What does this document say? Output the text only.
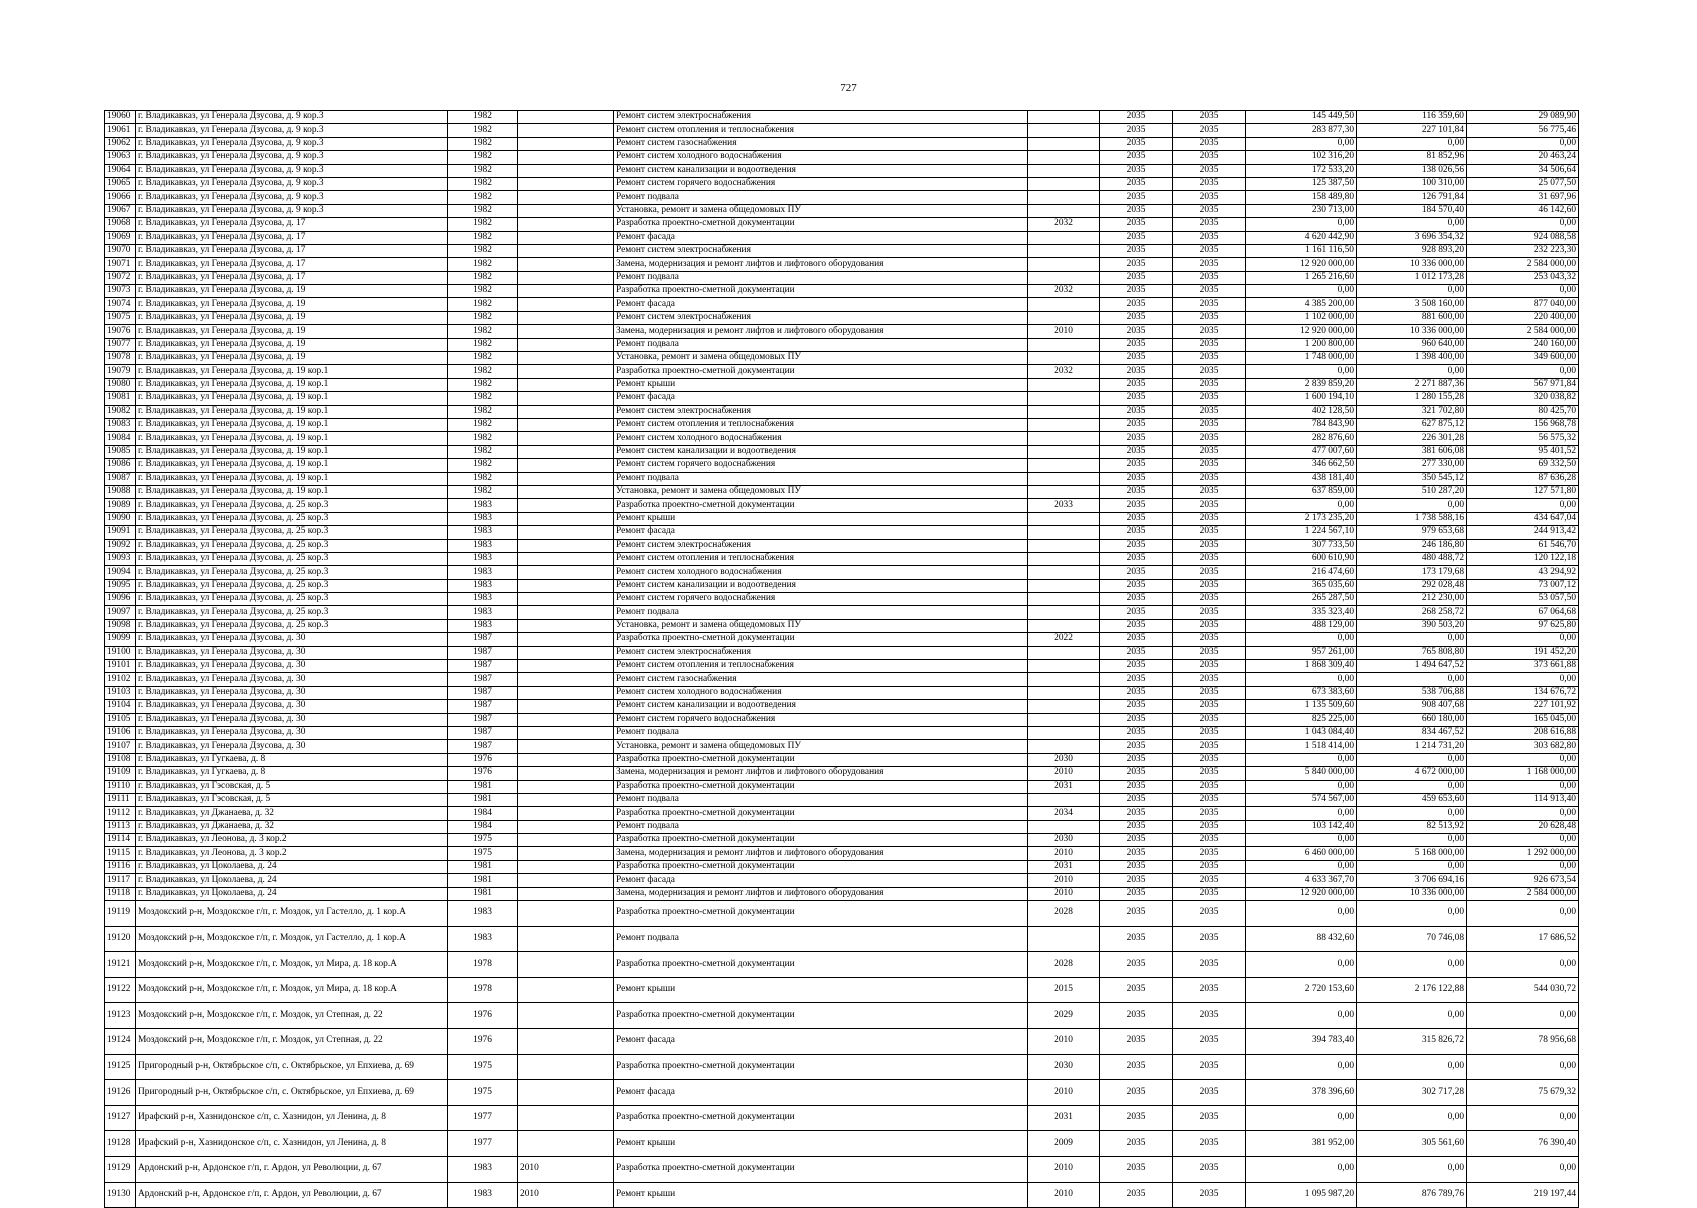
727
19060	г. Владикавказ, ул Генерала Дзусова, д. 9 кор.3	1982		Ремонт систем электроснабжения		2035	2035	145 449,50	116 359,60	29 089,90
19061	г. Владикавказ, ул Генерала Дзусова, д. 9 кор.3	1982		Ремонт систем отопления и теплоснабжения		2035	2035	283 877,30	227 101,84	56 775,46
19062	г. Владикавказ, ул Генерала Дзусова, д. 9 кор.3	1982		Ремонт систем газоснабжения		2035	2035	0,00	0,00	0,00
19063	г. Владикавказ, ул Генерала Дзусова, д. 9 кор.3	1982		Ремонт систем холодного водоснабжения		2035	2035	102 316,20	81 852,96	20 463,24
19064	г. Владикавказ, ул Генерала Дзусова, д. 9 кор.3	1982		Ремонт систем канализации и водоотведения		2035	2035	172 533,20	138 026,56	34 506,64
19065	г. Владикавказ, ул Генерала Дзусова, д. 9 кор.3	1982		Ремонт систем горячего водоснабжения		2035	2035	125 387,50	100 310,00	25 077,50
19066	г. Владикавказ, ул Генерала Дзусова, д. 9 кор.3	1982		Ремонт подвала		2035	2035	158 489,80	126 791,84	31 697,96
19067	г. Владикавказ, ул Генерала Дзусова, д. 9 кор.3	1982		Установка, ремонт и замена общедомовых ПУ		2035	2035	230 713,00	184 570,40	46 142,60
19068	г. Владикавказ, ул Генерала Дзусова, д. 17	1982		Разработка проектно-сметной документации	2032	2035	2035	0,00	0,00	0,00
19069	г. Владикавказ, ул Генерала Дзусова, д. 17	1982		Ремонт фасада		2035	2035	4 620 442,90	3 696 354,32	924 088,58
19070	г. Владикавказ, ул Генерала Дзусова, д. 17	1982		Ремонт систем электроснабжения		2035	2035	1 161 116,50	928 893,20	232 223,30
19071	г. Владикавказ, ул Генерала Дзусова, д. 17	1982		Замена, модернизация и ремонт лифтов и лифтового оборудования		2035	2035	12 920 000,00	10 336 000,00	2 584 000,00
19072	г. Владикавказ, ул Генерала Дзусова, д. 17	1982		Ремонт подвала		2035	2035	1 265 216,60	1 012 173,28	253 043,32
19073	г. Владикавказ, ул Генерала Дзусова, д. 19	1982		Разработка проектно-сметной документации	2032	2035	2035	0,00	0,00	0,00
19074	г. Владикавказ, ул Генерала Дзусова, д. 19	1982		Ремонт фасада		2035	2035	4 385 200,00	3 508 160,00	877 040,00
19075	г. Владикавказ, ул Генерала Дзусова, д. 19	1982		Ремонт систем электроснабжения		2035	2035	1 102 000,00	881 600,00	220 400,00
19076	г. Владикавказ, ул Генерала Дзусова, д. 19	1982		Замена, модернизация и ремонт лифтов и лифтового оборудования	2010	2035	2035	12 920 000,00	10 336 000,00	2 584 000,00
19077	г. Владикавказ, ул Генерала Дзусова, д. 19	1982		Ремонт подвала		2035	2035	1 200 800,00	960 640,00	240 160,00
19078	г. Владикавказ, ул Генерала Дзусова, д. 19	1982		Установка, ремонт и замена общедомовых ПУ		2035	2035	1 748 000,00	1 398 400,00	349 600,00
19079	г. Владикавказ, ул Генерала Дзусова, д. 19 кор.1	1982		Разработка проектно-сметной документации	2032	2035	2035	0,00	0,00	0,00
19080	г. Владикавказ, ул Генерала Дзусова, д. 19 кор.1	1982		Ремонт крыши		2035	2035	2 839 859,20	2 271 887,36	567 971,84
19081	г. Владикавказ, ул Генерала Дзусова, д. 19 кор.1	1982		Ремонт фасада		2035	2035	1 600 194,10	1 280 155,28	320 038,82
19082	г. Владикавказ, ул Генерала Дзусова, д. 19 кор.1	1982		Ремонт систем электроснабжения		2035	2035	402 128,50	321 702,80	80 425,70
19083	г. Владикавказ, ул Генерала Дзусова, д. 19 кор.1	1982		Ремонт систем отопления и теплоснабжения		2035	2035	784 843,90	627 875,12	156 968,78
19084	г. Владикавказ, ул Генерала Дзусова, д. 19 кор.1	1982		Ремонт систем холодного водоснабжения		2035	2035	282 876,60	226 301,28	56 575,32
19085	г. Владикавказ, ул Генерала Дзусова, д. 19 кор.1	1982		Ремонт систем канализации и водоотведения		2035	2035	477 007,60	381 606,08	95 401,52
19086	г. Владикавказ, ул Генерала Дзусова, д. 19 кор.1	1982		Ремонт систем горячего водоснабжения		2035	2035	346 662,50	277 330,00	69 332,50
19087	г. Владикавказ, ул Генерала Дзусова, д. 19 кор.1	1982		Ремонт подвала		2035	2035	438 181,40	350 545,12	87 636,28
19088	г. Владикавказ, ул Генерала Дзусова, д. 19 кор.1	1982		Установка, ремонт и замена общедомовых ПУ		2035	2035	637 859,00	510 287,20	127 571,80
19089	г. Владикавказ, ул Генерала Дзусова, д. 25 кор.3	1983		Разработка проектно-сметной документации	2033	2035	2035	0,00	0,00	0,00
19090	г. Владикавказ, ул Генерала Дзусова, д. 25 кор.3	1983		Ремонт крыши		2035	2035	2 173 235,20	1 738 588,16	434 647,04
19091	г. Владикавказ, ул Генерала Дзусова, д. 25 кор.3	1983		Ремонт фасада		2035	2035	1 224 567,10	979 653,68	244 913,42
19092	г. Владикавказ, ул Генерала Дзусова, д. 25 кор.3	1983		Ремонт систем электроснабжения		2035	2035	307 733,50	246 186,80	61 546,70
19093	г. Владикавказ, ул Генерала Дзусова, д. 25 кор.3	1983		Ремонт систем отопления и теплоснабжения		2035	2035	600 610,90	480 488,72	120 122,18
19094	г. Владикавказ, ул Генерала Дзусова, д. 25 кор.3	1983		Ремонт систем холодного водоснабжения		2035	2035	216 474,60	173 179,68	43 294,92
19095	г. Владикавказ, ул Генерала Дзусова, д. 25 кор.3	1983		Ремонт систем канализации и водоотведения		2035	2035	365 035,60	292 028,48	73 007,12
19096	г. Владикавказ, ул Генерала Дзусова, д. 25 кор.3	1983		Ремонт систем горячего водоснабжения		2035	2035	265 287,50	212 230,00	53 057,50
19097	г. Владикавказ, ул Генерала Дзусова, д. 25 кор.3	1983		Ремонт подвала		2035	2035	335 323,40	268 258,72	67 064,68
19098	г. Владикавказ, ул Генерала Дзусова, д. 25 кор.3	1983		Установка, ремонт и замена общедомовых ПУ		2035	2035	488 129,00	390 503,20	97 625,80
19099	г. Владикавказ, ул Генерала Дзусова, д. 30	1987		Разработка проектно-сметной документации	2022	2035	2035	0,00	0,00	0,00
19100	г. Владикавказ, ул Генерала Дзусова, д. 30	1987		Ремонт систем электроснабжения		2035	2035	957 261,00	765 808,80	191 452,20
19101	г. Владикавказ, ул Генерала Дзусова, д. 30	1987		Ремонт систем отопления и теплоснабжения		2035	2035	1 868 309,40	1 494 647,52	373 661,88
19102	г. Владикавказ, ул Генерала Дзусова, д. 30	1987		Ремонт систем газоснабжения		2035	2035	0,00	0,00	0,00
19103	г. Владикавказ, ул Генерала Дзусова, д. 30	1987		Ремонт систем холодного водоснабжения		2035	2035	673 383,60	538 706,88	134 676,72
19104	г. Владикавказ, ул Генерала Дзусова, д. 30	1987		Ремонт систем канализации и водоотведения		2035	2035	1 135 509,60	908 407,68	227 101,92
19105	г. Владикавказ, ул Генерала Дзусова, д. 30	1987		Ремонт систем горячего водоснабжения		2035	2035	825 225,00	660 180,00	165 045,00
19106	г. Владикавказ, ул Генерала Дзусова, д. 30	1987		Ремонт подвала		2035	2035	1 043 084,40	834 467,52	208 616,88
19107	г. Владикавказ, ул Генерала Дзусова, д. 30	1987		Установка, ремонт и замена общедомовых ПУ		2035	2035	1 518 414,00	1 214 731,20	303 682,80
19108	г. Владикавказ, ул Гугкаева, д. 8	1976		Разработка проектно-сметной документации	2030	2035	2035	0,00	0,00	0,00
19109	г. Владикавказ, ул Гугкаева, д. 8	1976		Замена, модернизация и ремонт лифтов и лифтового оборудования	2010	2035	2035	5 840 000,00	4 672 000,00	1 168 000,00
19110	г. Владикавказ, ул Гэсовская, д. 5	1981		Разработка проектно-сметной документации	2031	2035	2035	0,00	0,00	0,00
19111	г. Владикавказ, ул Гэсовская, д. 5	1981		Ремонт подвала		2035	2035	574 567,00	459 653,60	114 913,40
19112	г. Владикавказ, ул Джанаева, д. 32	1984		Разработка проектно-сметной документации	2034	2035	2035	0,00	0,00	0,00
19113	г. Владикавказ, ул Джанаева, д. 32	1984		Ремонт подвала		2035	2035	103 142,40	82 513,92	20 628,48
19114	г. Владикавказ, ул Леонова, д. 3 кор.2	1975		Разработка проектно-сметной документации	2030	2035	2035	0,00	0,00	0,00
19115	г. Владикавказ, ул Леонова, д. 3 кор.2	1975		Замена, модернизация и ремонт лифтов и лифтового оборудования	2010	2035	2035	6 460 000,00	5 168 000,00	1 292 000,00
19116	г. Владикавказ, ул Цоколаева, д. 24	1981		Разработка проектно-сметной документации	2031	2035	2035	0,00	0,00	0,00
19117	г. Владикавказ, ул Цоколаева, д. 24	1981		Ремонт фасада	2010	2035	2035	4 633 367,70	3 706 694,16	926 673,54
19118	г. Владикавказ, ул Цоколаева, д. 24	1981		Замена, модернизация и ремонт лифтов и лифтового оборудования	2010	2035	2035	12 920 000,00	10 336 000,00	2 584 000,00
19119	Моздокский р-н, Моздокское г/п, г. Моздок, ул Гастелло, д. 1 кор.А	1983		Разработка проектно-сметной документации	2028	2035	2035	0,00	0,00	0,00
19120	Моздокский р-н, Моздокское г/п, г. Моздок, ул Гастелло, д. 1 кор.А	1983		Ремонт подвала		2035	2035	88 432,60	70 746,08	17 686,52
19121	Моздокский р-н, Моздокское г/п, г. Моздок, ул Мира, д. 18 кор.А	1978		Разработка проектно-сметной документации	2028	2035	2035	0,00	0,00	0,00
19122	Моздокский р-н, Моздокское г/п, г. Моздок, ул Мира, д. 18 кор.А	1978		Ремонт крыши	2015	2035	2035	2 720 153,60	2 176 122,88	544 030,72
19123	Моздокский р-н, Моздокское г/п, г. Моздок, ул Степная, д. 22	1976		Разработка проектно-сметной документации	2029	2035	2035	0,00	0,00	0,00
19124	Моздокский р-н, Моздокское г/п, г. Моздок, ул Степная, д. 22	1976		Ремонт фасада	2010	2035	2035	394 783,40	315 826,72	78 956,68
19125	Пригородный р-н, Октябрьское с/п, с. Октябрьское, ул Епхиева, д. 69	1975		Разработка проектно-сметной документации	2030	2035	2035	0,00	0,00	0,00
19126	Пригородный р-н, Октябрьское с/п, с. Октябрьское, ул Епхиева, д. 69	1975		Ремонт фасада	2010	2035	2035	378 396,60	302 717,28	75 679,32
19127	Ирафский р-н, Хазнидонское с/п, с. Хазнидон, ул Ленина, д. 8	1977		Разработка проектно-сметной документации	2031	2035	2035	0,00	0,00	0,00
19128	Ирафский р-н, Хазнидонское с/п, с. Хазнидон, ул Ленина, д. 8	1977		Ремонт крыши	2009	2035	2035	381 952,00	305 561,60	76 390,40
19129	Ардонский р-н, Ардонское г/п, г. Ардон, ул Революции, д. 67	1983	2010	Разработка проектно-сметной документации	2010	2035	2035	0,00	0,00	0,00
19130	Ардонский р-н, Ардонское г/п, г. Ардон, ул Революции, д. 67	1983	2010	Ремонт крыши	2010	2035	2035	1 095 987,20	876 789,76	219 197,44
